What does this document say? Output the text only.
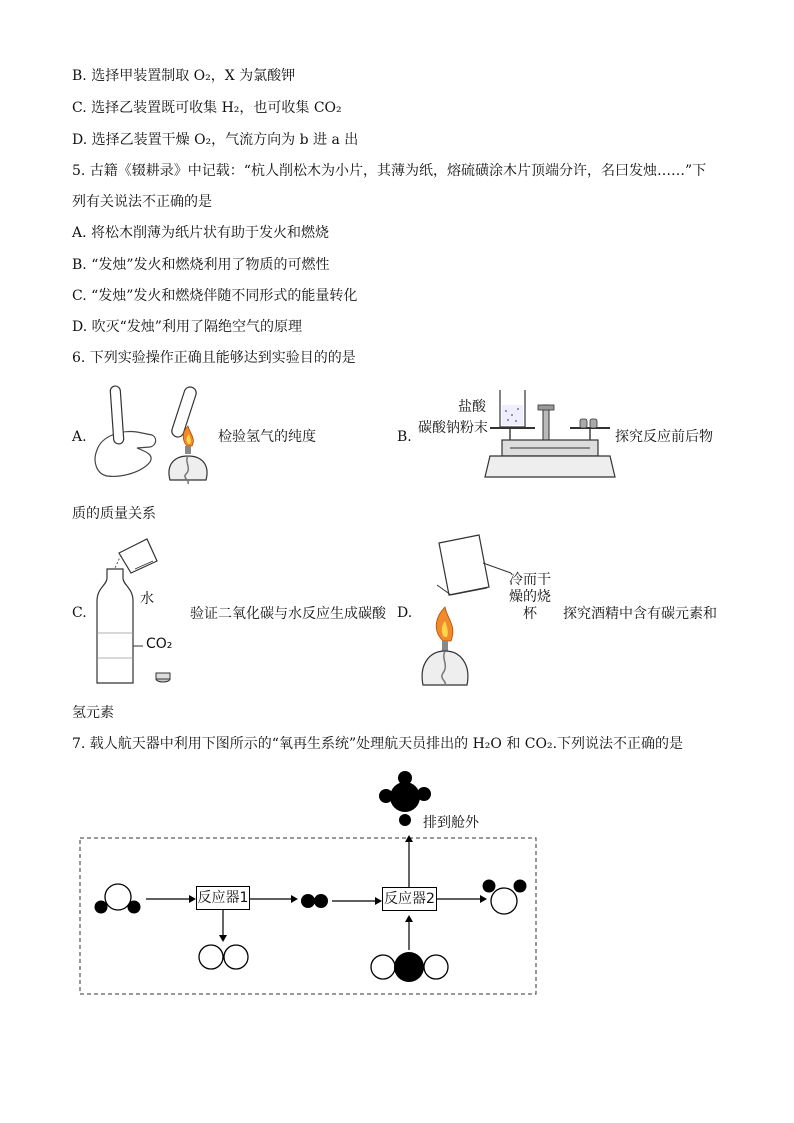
B. 选择甲装置制取 O₂，X 为氯酸钾
C. 选择乙装置既可收集 H₂，也可收集 CO₂
D. 选择乙装置干燥 O₂，气流方向为 b 进 a 出
5. 古籍《辍耕录》中记载：“杭人削松木为小片，其薄为纸，熔硫磺涂木片顶端分许，名曰发烛……”下
列有关说法不正确的是
A. 将松木削薄为纸片状有助于发火和燃烧
B. “发烛”发火和燃烧利用了物质的可燃性
C. “发烛”发火和燃烧伴随不同形式的能量转化
D. 吹灭“发烛”利用了隔绝空气的原理
6. 下列实验操作正确且能够达到实验目的的是
A.	检验氢气的纯度	B.
盐酸
碳酸钠粉末
探究反应前后物
质的质量关系
C.
水
CO₂
验证二氧化碳与水反应生成碳酸 D.
冷而干
燥的烧
杯 探究酒精中含有碳元素和
氢元素
7. 载人航天器中利用下图所示的“氧再生系统”处理航天员排出的 H₂O 和 CO₂.下列说法不正确的是
反应器1	反应器2
排到舱外
